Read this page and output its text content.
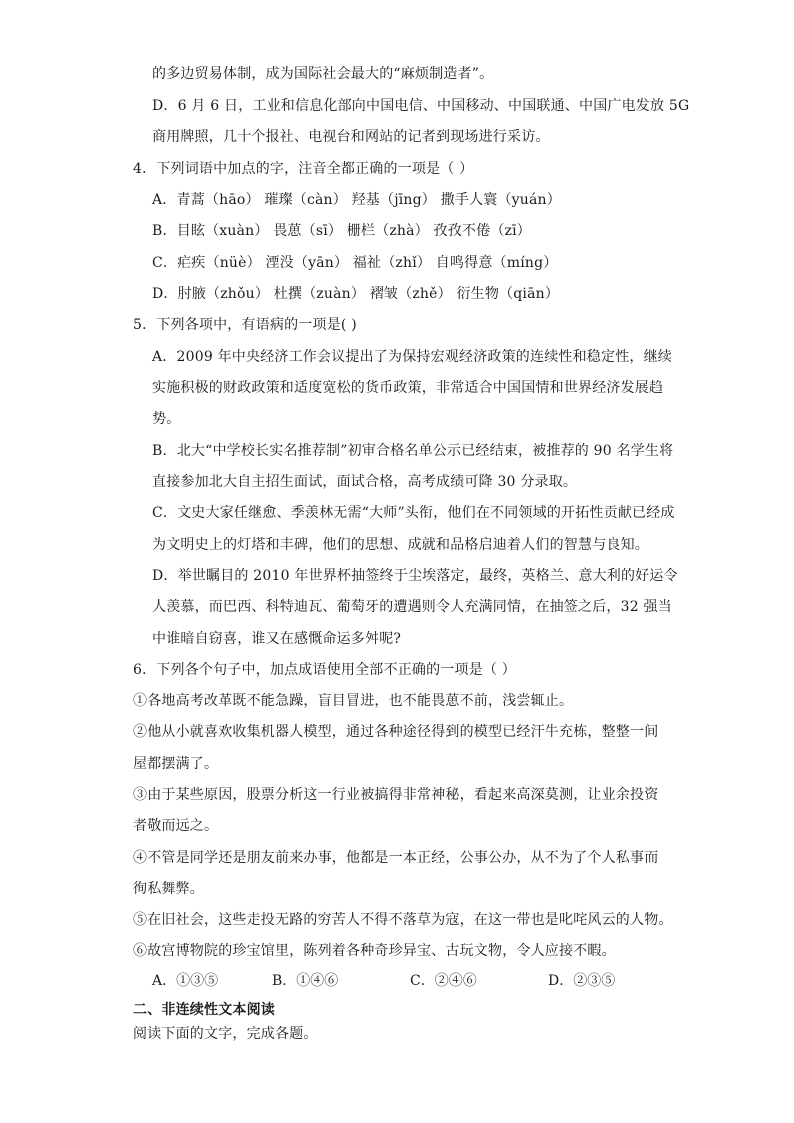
的多边贸易体制，成为国际社会最大的“麻烦制造者”。
D．6 月 6 日，工业和信息化部向中国电信、中国移动、中国联通、中国广电发放 5G
商用牌照，几十个报社、电视台和网站的记者到现场进行采访。
4．下列词语中加点的字，注音全都正确的一项是（ ）
A．青蒿（hāo） 璀璨（càn） 羟基（jīng） 撒手人寰（yuán）
B．目眩（xuàn） 畏葸（sī） 栅栏（zhà） 孜孜不倦（zī）
C．疟疾（nüè） 湮没（yān） 福祉（zhǐ） 自鸣得意（míng）
D．肘腋（zhǒu） 杜撰（zuàn） 褶皱（zhě） 衍生物（qiān）
5．下列各项中，有语病的一项是( )
A．2009 年中央经济工作会议提出了为保持宏观经济政策的连续性和稳定性，继续
实施积极的财政政策和适度宽松的货币政策，非常适合中国国情和世界经济发展趋
势。
B．北大“中学校长实名推荐制”初审合格名单公示已经结束，被推荐的 90 名学生将
直接参加北大自主招生面试，面试合格，高考成绩可降 30 分录取。
C．文史大家任继愈、季羡林无需“大师”头衔，他们在不同领域的开拓性贡献已经成
为文明史上的灯塔和丰碑，他们的思想、成就和品格启迪着人们的智慧与良知。
D．举世瞩目的 2010 年世界杯抽签终于尘埃落定，最终，英格兰、意大利的好运令
人羡慕，而巴西、科特迪瓦、葡萄牙的遭遇则令人充满同情，在抽签之后，32 强当
中谁暗自窃喜，谁又在感慨命运多舛呢?
6．下列各个句子中，加点成语使用全部不正确的一项是（ ）
①各地高考改革既不能急躁，盲目冒进，也不能畏葸不前，浅尝辄止。
②他从小就喜欢收集机器人模型，通过各种途径得到的模型已经汗牛充栋，整整一间
屋都摆满了。
③由于某些原因，股票分析这一行业被搞得非常神秘，看起来高深莫测，让业余投资
者敬而远之。
④不管是同学还是朋友前来办事，他都是一本正经，公事公办，从不为了个人私事而
徇私舞弊。
⑤在旧社会，这些走投无路的穷苦人不得不落草为寇，在这一带也是叱咤风云的人物。
⑥故宫博物院的珍宝馆里，陈列着各种奇珍异宝、古玩文物，令人应接不暇。
A．①③⑤	B．①④⑥	C．②④⑥	D．②③⑤
二、非连续性文本阅读
阅读下面的文字，完成各题。
